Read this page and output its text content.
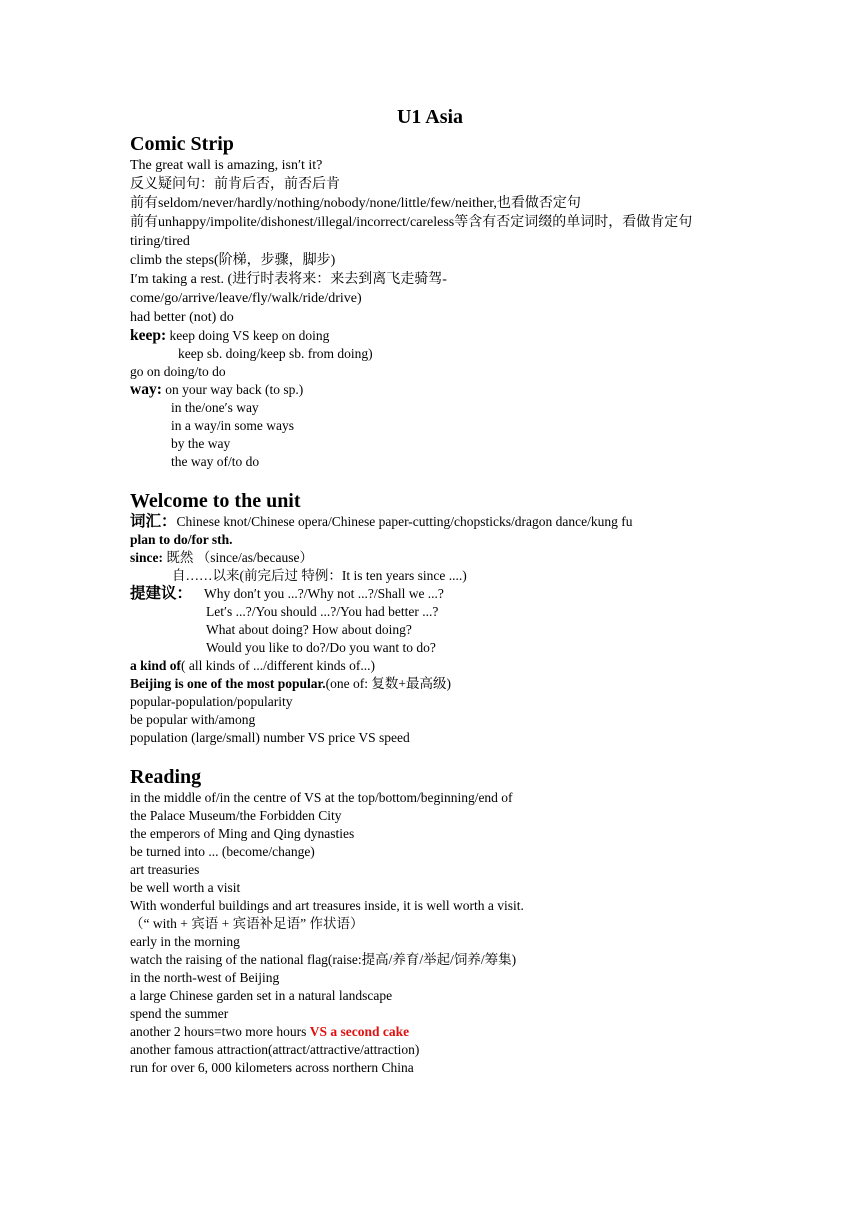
U1 Asia

Comic Strip

The great wall is amazing, isn′t it?

反义疑问句：前肯后否，前否后肯

前有seldom/never/hardly/nothing/nobody/none/little/few/neither,也看做否定句

前有unhappy/impolite/dishonest/illegal/incorrect/careless等含有否定词缀的单词时，看做肯定句

tiring/tired

climb the steps(阶梯，步骤，脚步)

I′m taking a rest. (进行时表将来：来去到离飞走骑驾-come/go/arrive/leave/fly/walk/ride/drive)

had better (not) do

keep: keep doing VS keep on doing

keep sb. doing/keep sb. from doing)

go on doing/to do

way: on your way back (to sp.)

in the/one′s way

in a way/in some ways

by the way

the way of/to do

Welcome to the unit

词汇：Chinese knot/Chinese opera/Chinese paper-cutting/chopsticks/dragon dance/kung fu

plan to do/for sth.

since: 既然 （since/as/because）

自……以来(前完后过 特例：It is ten years since ....)

提建议： Why don′t you ...?/Why not ...?/Shall we ...?

Let′s ...?/You should ...?/You had better ...?

What about doing? How about doing?

Would you like to do?/Do you want to do?

a kind of( all kinds of .../different kinds of...)

Beijing is one of the most popular.(one of: 复数+最高级)

popular-population/popularity

be popular with/among

population (large/small) number VS price VS speed

Reading

in the middle of/in the centre of VS at the top/bottom/beginning/end of

the Palace Museum/the Forbidden City

the emperors of Ming and Qing dynasties

be turned into ... (become/change)

art treasuries

be well worth a visit

With wonderful buildings and art treasures inside, it is well worth a visit.

（“ with + 宾语 + 宾语补足语” 作状语）

early in the morning

watch the raising of the national flag(raise:提高/养育/举起/饲养/筹集)

in the north-west of Beijing

a large Chinese garden set in a natural landscape

spend the summer

another 2 hours=two more hours VS a second cake

another famous attraction(attract/attractive/attraction)

run for over 6, 000 kilometers across northern China
